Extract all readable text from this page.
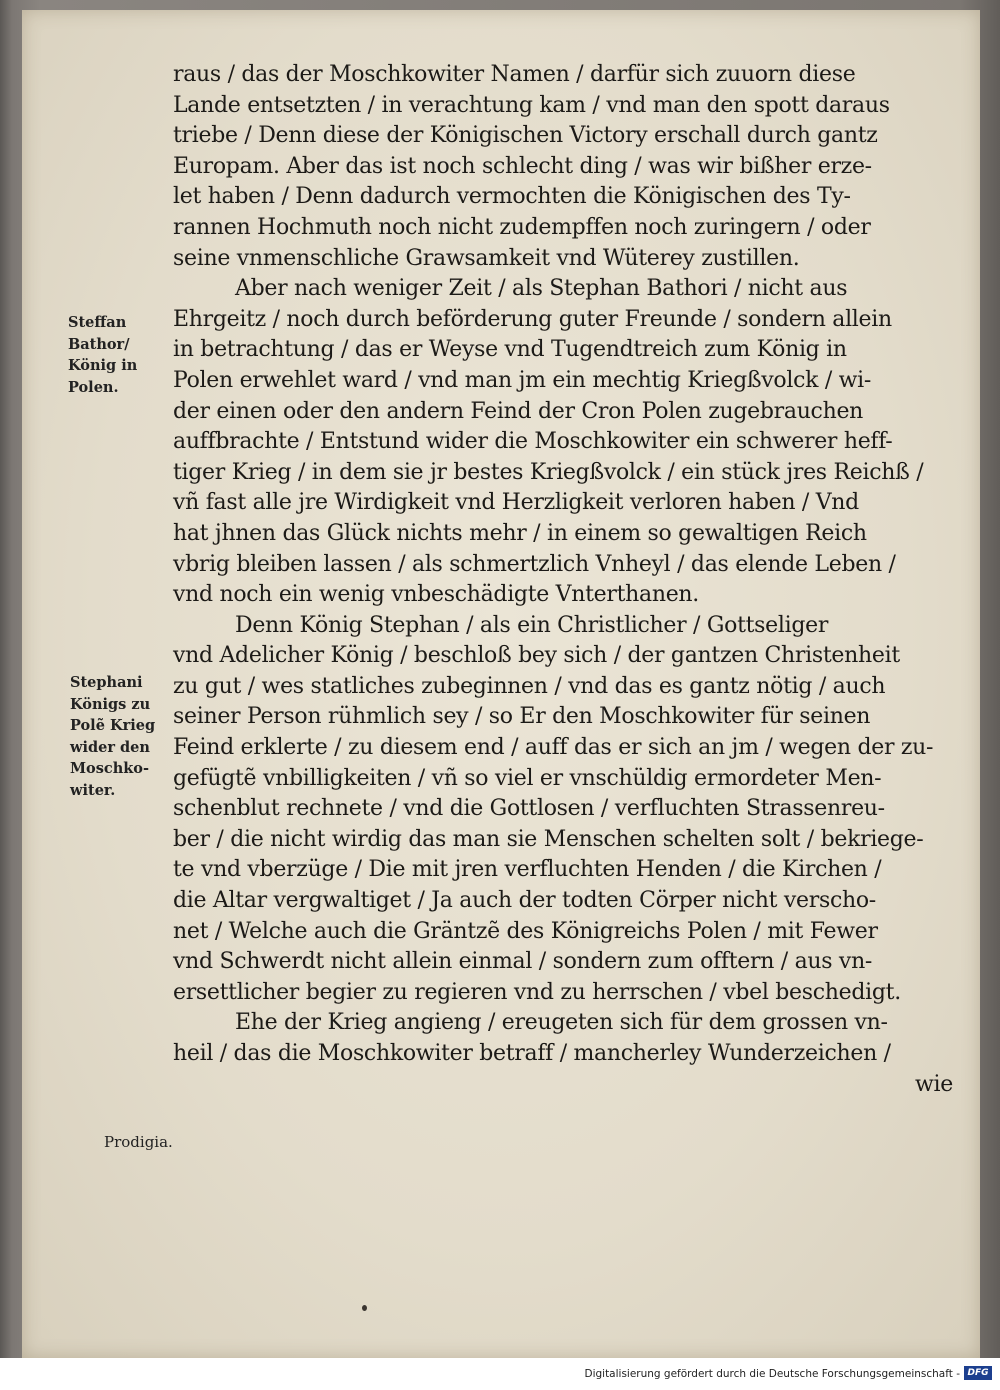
raus / das der Moschkowiter Namen / darfür sich zuuorn diese
Lande entsetzten / in verachtung kam / vnd man den spott daraus
triebe / Denn diese der Königischen Victory erschall durch gantz
Europam. Aber das ist noch schlecht ding / was wir bißher erze-
let haben / Denn dadurch vermochten die Königischen des Ty-
rannen Hochmuth noch nicht zudempffen noch zuringern / oder
seine vnmenschliche Grawsamkeit vnd Wüterey zustillen.
Aber nach weniger Zeit / als Stephan Bathori / nicht aus
Ehrgeitz / noch durch beförderung guter Freunde / sondern allein
in betrachtung / das er Weyse vnd Tugendtreich zum König in
Polen erwehlet ward / vnd man jm ein mechtig Kriegßvolck / wi-
der einen oder den andern Feind der Cron Polen zugebrauchen
auffbrachte / Entstund wider die Moschkowiter ein schwerer heff-
tiger Krieg / in dem sie jr bestes Kriegßvolck / ein stück jres Reichß /
vñ fast alle jre Wirdigkeit vnd Herzligkeit verloren haben / Vnd
hat jhnen das Glück nichts mehr / in einem so gewaltigen Reich
vbrig bleiben lassen / als schmertzlich Vnheyl / das elende Leben /
vnd noch ein wenig vnbeschädigte Vnterthanen.
Denn König Stephan / als ein Christlicher / Gottseliger
vnd Adelicher König / beschloß bey sich / der gantzen Christenheit
zu gut / wes statliches zubeginnen / vnd das es gantz nötig / auch
seiner Person rühmlich sey / so Er den Moschkowiter für seinen
Feind erklerte / zu diesem end / auff das er sich an jm / wegen der zu-
gefügtẽ vnbilligkeiten / vñ so viel er vnschüldig ermordeter Men-
schenblut rechnete / vnd die Gottlosen / verfluchten Strassenreu-
ber / die nicht wirdig das man sie Menschen schelten solt / bekriege-
te vnd vberzüge / Die mit jren verfluchten Henden / die Kirchen /
die Altar vergwaltiget / Ja auch der todten Cörper nicht verscho-
net / Welche auch die Gräntzẽ des Königreichs Polen / mit Fewer
vnd Schwerdt nicht allein einmal / sondern zum offtern / aus vn-
ersettlicher begier zu regieren vnd zu herrschen / vbel beschedigt.
Ehe der Krieg angieng / ereugeten sich für dem grossen vn-
heil / das die Moschkowiter betraff / mancherley Wunderzeichen /
wie
Steffan
Bathor/
König in
Polen.
Stephani
Königs zu
Polẽ Krieg
wider den
Moschko-
witer.
Prodigia.
Digitalisierung gefördert durch die Deutsche Forschungsgemeinschaft - DFG
